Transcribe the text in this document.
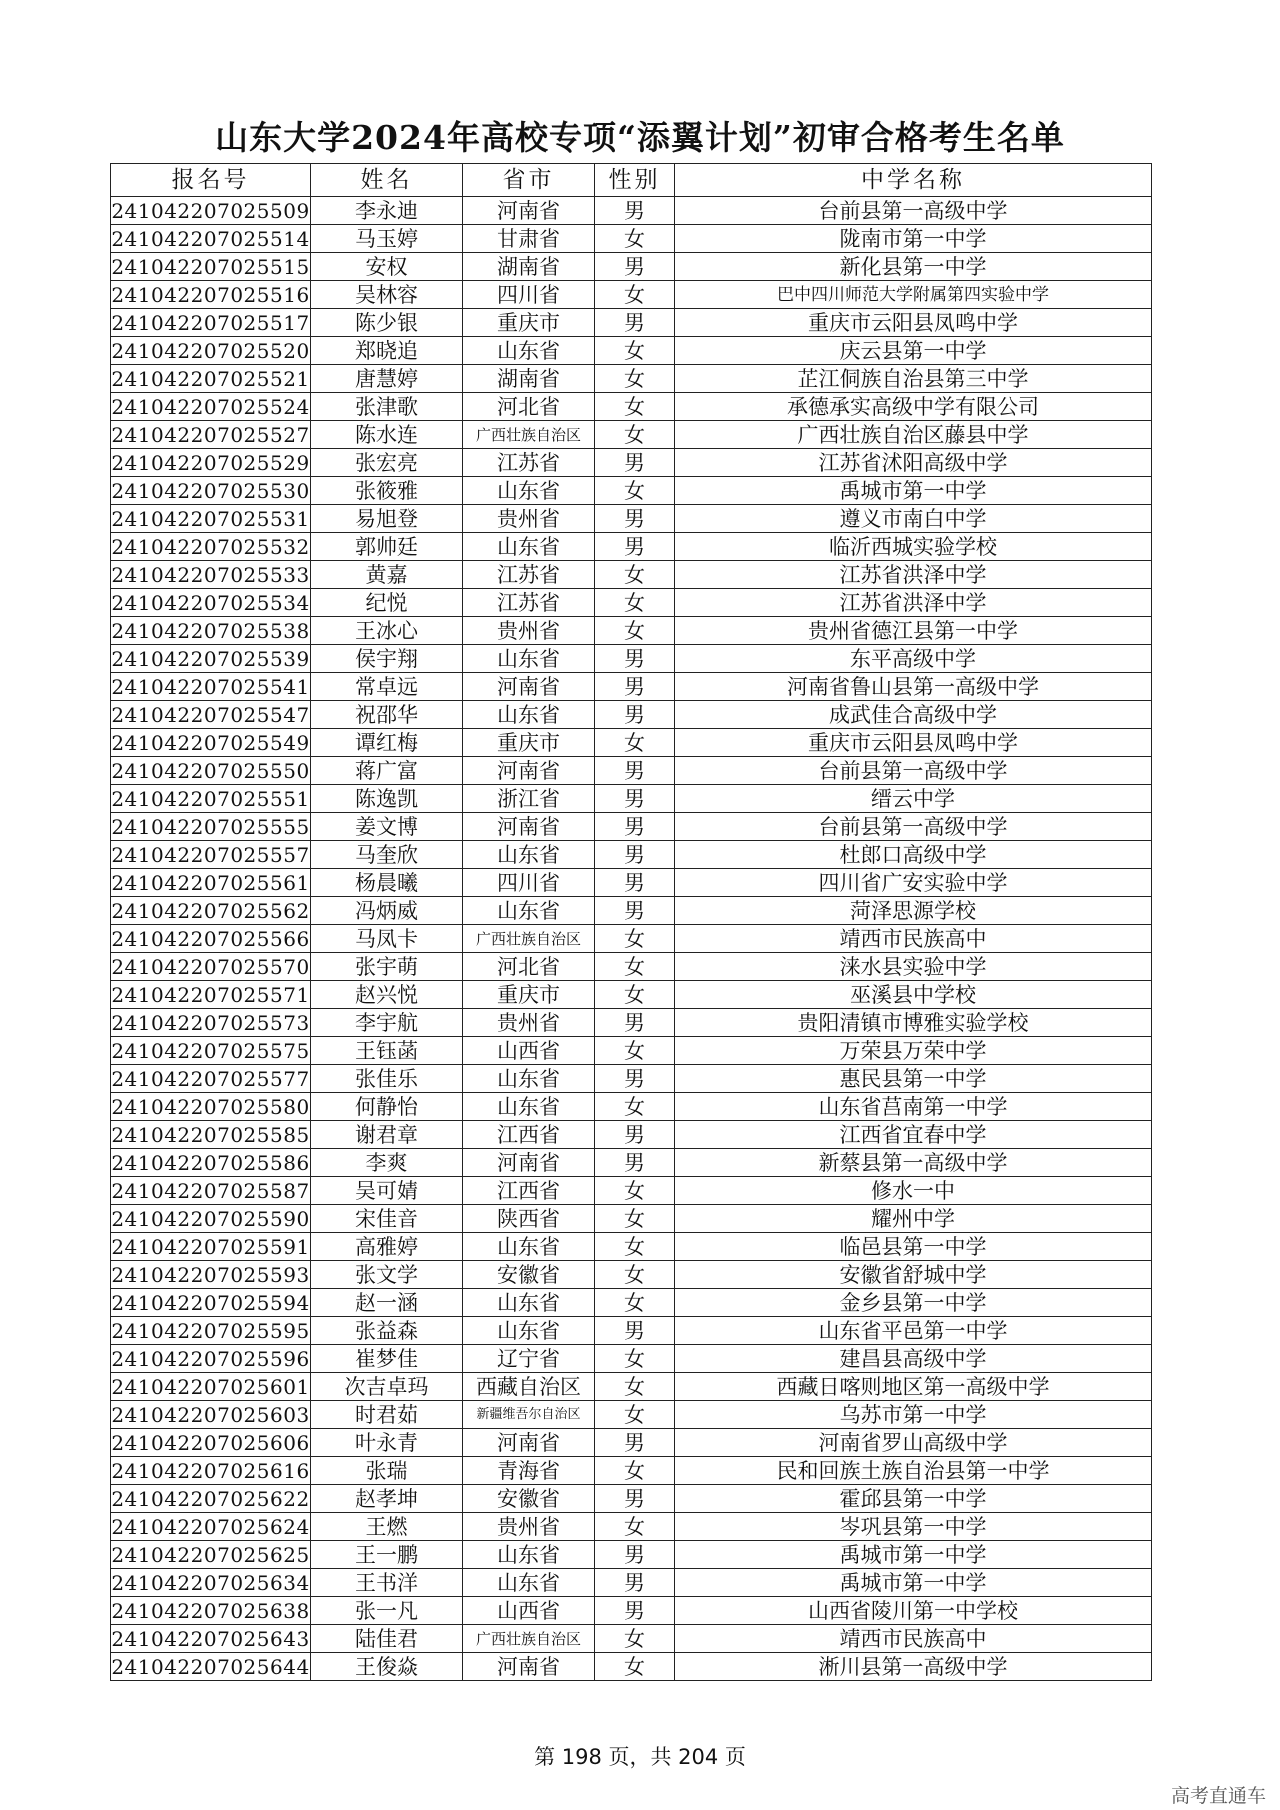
山东大学2024年高校专项“添翼计划”初审合格考生名单
报名号	姓名	省市	性别	中学名称
241042207025509	李永迪	河南省	男	台前县第一高级中学
241042207025514	马玉婷	甘肃省	女	陇南市第一中学
241042207025515	安权	湖南省	男	新化县第一中学
241042207025516	吴林容	四川省	女	巴中四川师范大学附属第四实验中学
241042207025517	陈少银	重庆市	男	重庆市云阳县凤鸣中学
241042207025520	郑晓追	山东省	女	庆云县第一中学
241042207025521	唐慧婷	湖南省	女	芷江侗族自治县第三中学
241042207025524	张津歌	河北省	女	承德承实高级中学有限公司
241042207025527	陈水连	广西壮族自治区	女	广西壮族自治区藤县中学
241042207025529	张宏亮	江苏省	男	江苏省沭阳高级中学
241042207025530	张筱雅	山东省	女	禹城市第一中学
241042207025531	易旭登	贵州省	男	遵义市南白中学
241042207025532	郭帅廷	山东省	男	临沂西城实验学校
241042207025533	黄嘉	江苏省	女	江苏省洪泽中学
241042207025534	纪悦	江苏省	女	江苏省洪泽中学
241042207025538	王冰心	贵州省	女	贵州省德江县第一中学
241042207025539	侯宇翔	山东省	男	东平高级中学
241042207025541	常卓远	河南省	男	河南省鲁山县第一高级中学
241042207025547	祝邵华	山东省	男	成武佳合高级中学
241042207025549	谭红梅	重庆市	女	重庆市云阳县凤鸣中学
241042207025550	蒋广富	河南省	男	台前县第一高级中学
241042207025551	陈逸凯	浙江省	男	缙云中学
241042207025555	姜文博	河南省	男	台前县第一高级中学
241042207025557	马奎欣	山东省	男	杜郎口高级中学
241042207025561	杨晨曦	四川省	男	四川省广安实验中学
241042207025562	冯炳威	山东省	男	菏泽思源学校
241042207025566	马凤卡	广西壮族自治区	女	靖西市民族高中
241042207025570	张宇萌	河北省	女	涞水县实验中学
241042207025571	赵兴悦	重庆市	女	巫溪县中学校
241042207025573	李宇航	贵州省	男	贵阳清镇市博雅实验学校
241042207025575	王钰菡	山西省	女	万荣县万荣中学
241042207025577	张佳乐	山东省	男	惠民县第一中学
241042207025580	何静怡	山东省	女	山东省莒南第一中学
241042207025585	谢君章	江西省	男	江西省宜春中学
241042207025586	李爽	河南省	男	新蔡县第一高级中学
241042207025587	吴可婧	江西省	女	修水一中
241042207025590	宋佳音	陕西省	女	耀州中学
241042207025591	高雅婷	山东省	女	临邑县第一中学
241042207025593	张文学	安徽省	女	安徽省舒城中学
241042207025594	赵一涵	山东省	女	金乡县第一中学
241042207025595	张益森	山东省	男	山东省平邑第一中学
241042207025596	崔梦佳	辽宁省	女	建昌县高级中学
241042207025601	次吉卓玛	西藏自治区	女	西藏日喀则地区第一高级中学
241042207025603	时君茹	新疆维吾尔自治区	女	乌苏市第一中学
241042207025606	叶永青	河南省	男	河南省罗山高级中学
241042207025616	张瑞	青海省	女	民和回族土族自治县第一中学
241042207025622	赵孝坤	安徽省	男	霍邱县第一中学
241042207025624	王燃	贵州省	女	岑巩县第一中学
241042207025625	王一鹏	山东省	男	禹城市第一中学
241042207025634	王书洋	山东省	男	禹城市第一中学
241042207025638	张一凡	山西省	男	山西省陵川第一中学校
241042207025643	陆佳君	广西壮族自治区	女	靖西市民族高中
241042207025644	王俊焱	河南省	女	淅川县第一高级中学
第 198 页，共 204 页
高考直通车
